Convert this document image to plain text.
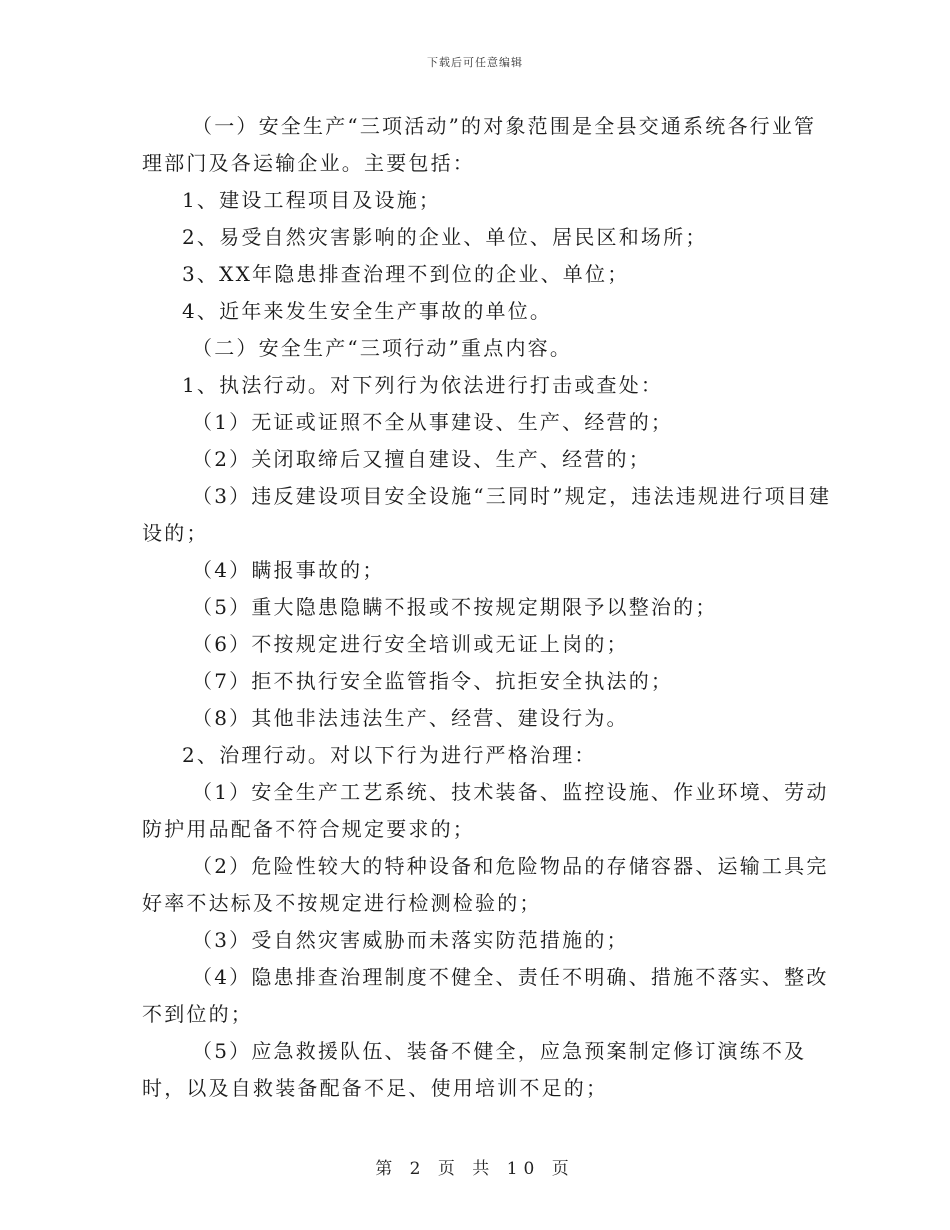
下载后可任意编辑

（一）安全生产“三项活动”的对象范围是全县交通系统各行业管理部门及各运输企业。主要包括：

1、建设工程项目及设施；

2、易受自然灾害影响的企业、单位、居民区和场所；

3、XX年隐患排查治理不到位的企业、单位；

4、近年来发生安全生产事故的单位。

（二）安全生产“三项行动”重点内容。

1、执法行动。对下列行为依法进行打击或查处：

（1）无证或证照不全从事建设、生产、经营的；

（2）关闭取缔后又擅自建设、生产、经营的；

（3）违反建设项目安全设施“三同时”规定，违法违规进行项目建设的；

（4）瞒报事故的；

（5）重大隐患隐瞒不报或不按规定期限予以整治的；

（6）不按规定进行安全培训或无证上岗的；

（7）拒不执行安全监管指令、抗拒安全执法的；

（8）其他非法违法生产、经营、建设行为。

2、治理行动。对以下行为进行严格治理：

（1）安全生产工艺系统、技术装备、监控设施、作业环境、劳动防护用品配备不符合规定要求的；

（2）危险性较大的特种设备和危险物品的存储容器、运输工具完好率不达标及不按规定进行检测检验的；

（3）受自然灾害威胁而未落实防范措施的；

（4）隐患排查治理制度不健全、责任不明确、措施不落实、整改不到位的；

（5）应急救援队伍、装备不健全，应急预案制定修订演练不及时，以及自救装备配备不足、使用培训不足的；

第 2 页 共 10 页
